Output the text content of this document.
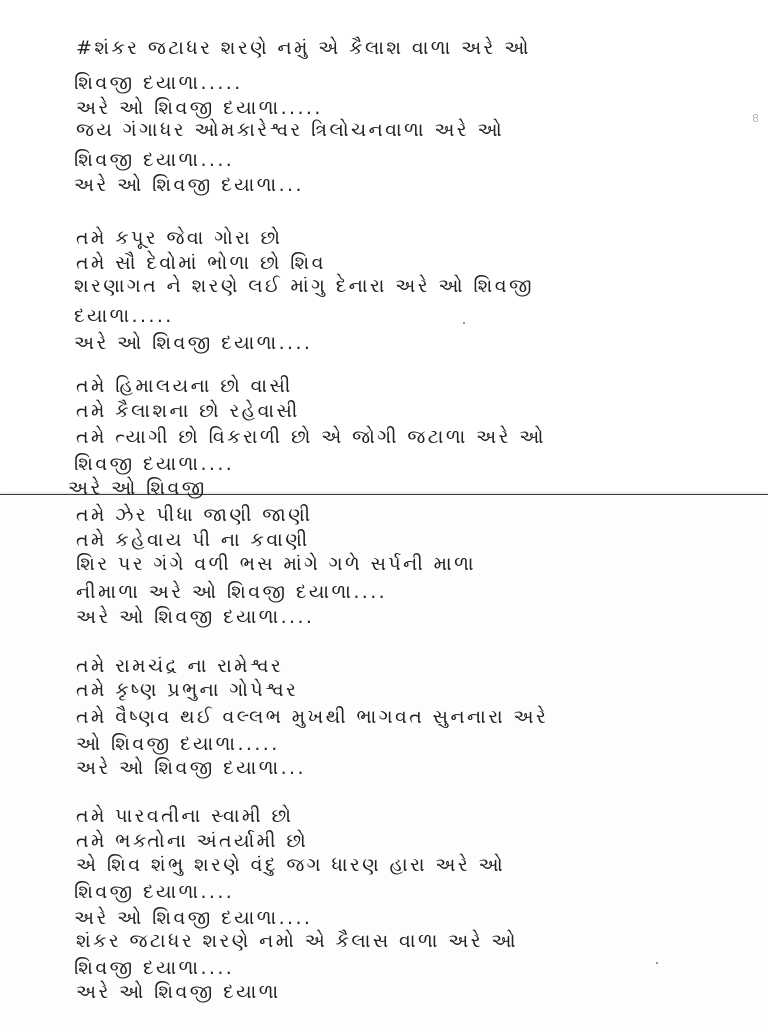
8
#શંકર જટાધર શરણે નમું એ કૈલાશ વાળા અરે ઓ
શિવજી દયાળા.....
અરે ઓ શિવજી દયાળા.....
જય ગંગાધર ઓમકારેશ્વર ત્રિલોચનવાળા અરે ઓ
શિવજી દયાળા....
અરે ઓ શિવજી દયાળા...
તમે કપૂર જેવા ગોરા છો
તમે સૌ દેવોમાં ભોળા છો શિવ
શરણાગત ને શરણે લઈ માંગુ દેનારા અરે ઓ શિવજી
દયાળા.....
અરે ઓ શિવજી દયાળા....
તમે હિમાલયના છો વાસી
તમે કૈલાશના છો રહેવાસી
તમે ત્યાગી છો વિકરાળી છો એ જોગી જટાળા અરે ઓ
શિવજી દયાળા....
અરે ઓ શિવજી
તમે ઝેર પીધા જાણી જાણી
તમે કહેવાય પી ના કવાણી
શિર પર ગંગે વળી ભસ માંગે ગળે સર્પની માળા
નીમાળા અરે ઓ શિવજી દયાળા....
અરે ઓ શિવજી દયાળા....
તમે રામચંદ્ર ના રામેશ્વર
તમે કૃષ્ણ પ્રભુના ગોપેશ્વર
તમે વૈષ્ણવ થઈ વલ્લભ મુખથી ભાગવત સુનનારા અરે
ઓ શિવજી દયાળા.....
અરે ઓ શિવજી દયાળા...
તમે પારવતીના સ્વામી છો
તમે ભક્તોના અંતર્યામી છો
એ શિવ શંભુ શરણે વંદુ જગ ધારણ હારા અરે ઓ
શિવજી દયાળા....
અરે ઓ શિવજી દયાળા....
શંકર જટાધર શરણે નમો એ કૈલાસ વાળા અરે ઓ
શિવજી દયાળા....
અરે ઓ શિવજી દયાળા
